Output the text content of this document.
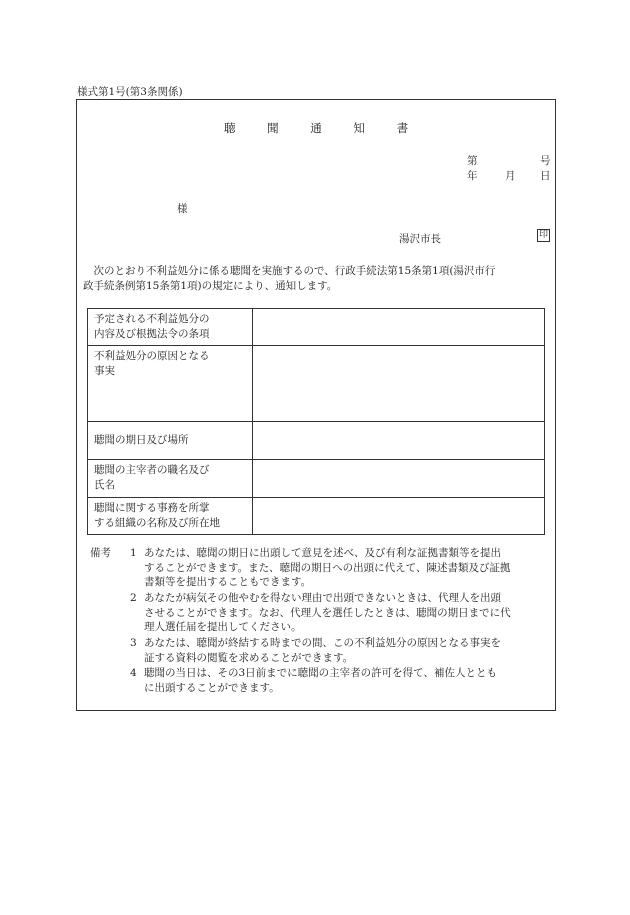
様式第1号(第3条関係)
聴	聞	通	知	書
第	号
年	月 日
様
湯沢市長	印

　次のとおり不利益処分に係る聴聞を実施するので、行政手続法第15条第1項(湯沢市行

政手続条例第15条第1項)の規定により、通知します。

予定される不利益処分の
内容及び根拠法令の条項	

不利益処分の原因となる
事実	

聴聞の期日及び場所	

聴聞の主宰者の職名及び
氏名	

聴聞に関する事務を所掌
する組織の名称及び所在地	

備考 1 あなたは、聴聞の期日に出頭して意見を述べ、及び有利な証拠書類等を提出
することができます。また、聴聞の期日への出頭に代えて、陳述書類及び証拠
書類等を提出することもできます。
2 あなたが病気その他やむを得ない理由で出頭できないときは、代理人を出頭
させることができます。なお、代理人を選任したときは、聴聞の期日までに代
理人選任届を提出してください。
3 あなたは、聴聞が終結する時までの間、この不利益処分の原因となる事実を
証する資料の閲覧を求めることができます。
4 聴聞の当日は、その3日前までに聴聞の主宰者の許可を得て、補佐人ととも
に出頭することができます。
